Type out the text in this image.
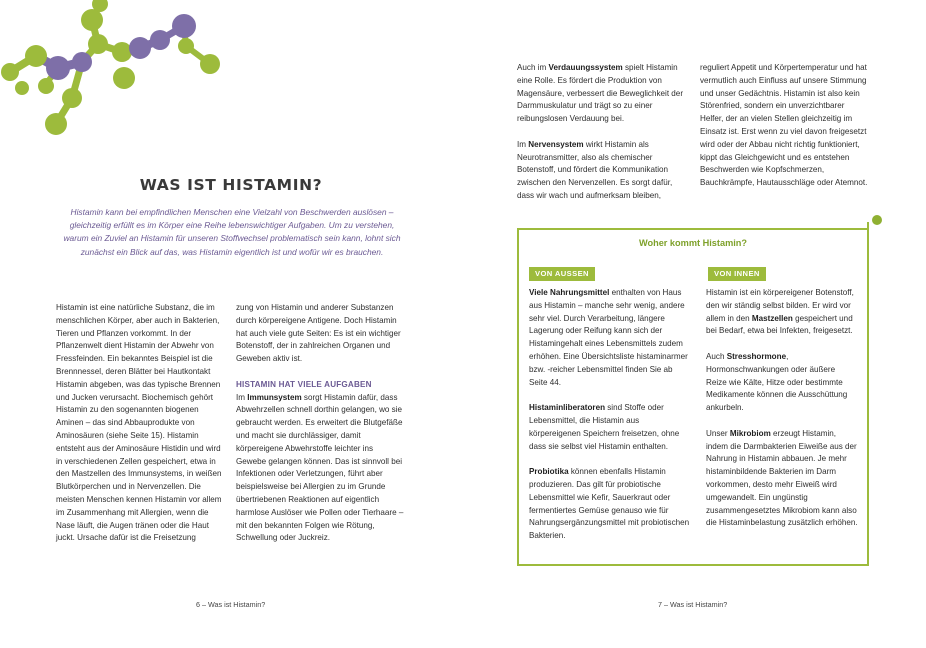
WAS IST HISTAMIN?
Histamin kann bei empfindlichen Menschen eine Vielzahl von Beschwerden auslösen – gleichzeitig erfüllt es im Körper eine Reihe lebenswichtiger Aufgaben. Um zu verstehen, warum ein Zuviel an Histamin für unseren Stoffwechsel problematisch sein kann, lohnt sich zunächst ein Blick auf das, was Histamin eigentlich ist und wofür wir es brauchen.

Histamin ist eine natürliche Substanz, die im menschlichen Körper, aber auch in Bakterien, Tieren und Pflanzen vorkommt. In der Pflanzenwelt dient Histamin der Abwehr von Fressfeinden. Ein bekanntes Beispiel ist die Brennnessel, deren Blätter bei Hautkontakt Histamin abgeben, was das typische Brennen und Jucken verursacht. Biochemisch gehört Histamin zu den sogenannten biogenen Aminen – das sind Abbauprodukte von Aminosäuren (siehe Seite 15). Histamin entsteht aus der Aminosäure Histidin und wird in verschiedenen Zellen gespeichert, etwa in den Mastzellen des Immunsystems, in weißen Blutkörperchen und in Nervenzellen. Die meisten Menschen kennen Histamin vor allem im Zusammenhang mit Allergien, wenn die Nase läuft, die Augen tränen oder die Haut juckt. Ursache dafür ist die Freisetzung

zung von Histamin und anderer Substanzen durch körpereigene Antigene. Doch Histamin hat auch viele gute Seiten: Es ist ein wichtiger Botenstoff, der in zahlreichen Organen und Geweben aktiv ist.

HISTAMIN HAT VIELE AUFGABEN

Im Immunsystem sorgt Histamin dafür, dass Abwehrzellen schnell dorthin gelangen, wo sie gebraucht werden. Es erweitert die Blutgefäße und macht sie durchlässiger, damit körpereigene Abwehrstoffe leichter ins Gewebe gelangen können. Das ist sinnvoll bei Infektionen oder Verletzungen, führt aber beispielsweise bei Allergien zu im Grunde übertriebenen Reaktionen auf eigentlich harmlose Auslöser wie Pollen oder Tierhaare – mit den bekannten Folgen wie Rötung, Schwellung oder Juckreiz.

6 – Was ist Histamin?

Auch im Verdauungssystem spielt Histamin eine Rolle. Es fördert die Produktion von Magensäure, verbessert die Beweglichkeit der Darmmuskulatur und trägt so zu einer reibungslosen Verdauung bei.

Im Nervensystem wirkt Histamin als Neurotransmitter, also als chemischer Botenstoff, und fördert die Kommunikation zwischen den Nervenzellen. Es sorgt dafür, dass wir wach und aufmerksam bleiben,

reguliert Appetit und Körpertemperatur und hat vermutlich auch Einfluss auf unsere Stimmung und unser Gedächtnis. Histamin ist also kein Störenfried, sondern ein unverzichtbarer Helfer, der an vielen Stellen gleichzeitig im Einsatz ist. Erst wenn zu viel davon freigesetzt wird oder der Abbau nicht richtig funktioniert, kippt das Gleichgewicht und es entstehen Beschwerden wie Kopfschmerzen, Bauchkrämpfe, Hautausschläge oder Atemnot.

Woher kommt Histamin?
VON AUSSEN	VON INNEN

Viele Nahrungsmittel enthalten von Haus aus Histamin – manche sehr wenig, andere sehr viel. Durch Verarbeitung, längere Lagerung oder Reifung kann sich der Histamingehalt eines Lebensmittels zudem erhöhen. Eine Übersichtsliste histaminarmer bzw. -reicher Lebensmittel finden Sie ab Seite 44.

Histaminliberatoren sind Stoffe oder Lebensmittel, die Histamin aus körpereigenen Speichern freisetzen, ohne dass sie selbst viel Histamin enthalten.

Probiotika können ebenfalls Histamin produzieren. Das gilt für probiotische Lebensmittel wie Kefir, Sauerkraut oder fermentiertes Gemüse genauso wie für Nahrungsergänzungsmittel mit probiotischen Bakterien.

Histamin ist ein körpereigener Botenstoff, den wir ständig selbst bilden. Er wird vor allem in den Mastzellen gespeichert und bei Bedarf, etwa bei Infekten, freigesetzt.

Auch Stresshormone, Hormonschwankungen oder äußere Reize wie Kälte, Hitze oder bestimmte Medikamente können die Ausschüttung ankurbeln.

Unser Mikrobiom erzeugt Histamin, indem die Darmbakterien Eiweiße aus der Nahrung in Histamin abbauen. Je mehr histaminbildende Bakterien im Darm vorkommen, desto mehr Eiweiß wird umgewandelt. Ein ungünstig zusammengesetztes Mikrobiom kann also die Histaminbelastung zusätzlich erhöhen.

7 – Was ist Histamin?
